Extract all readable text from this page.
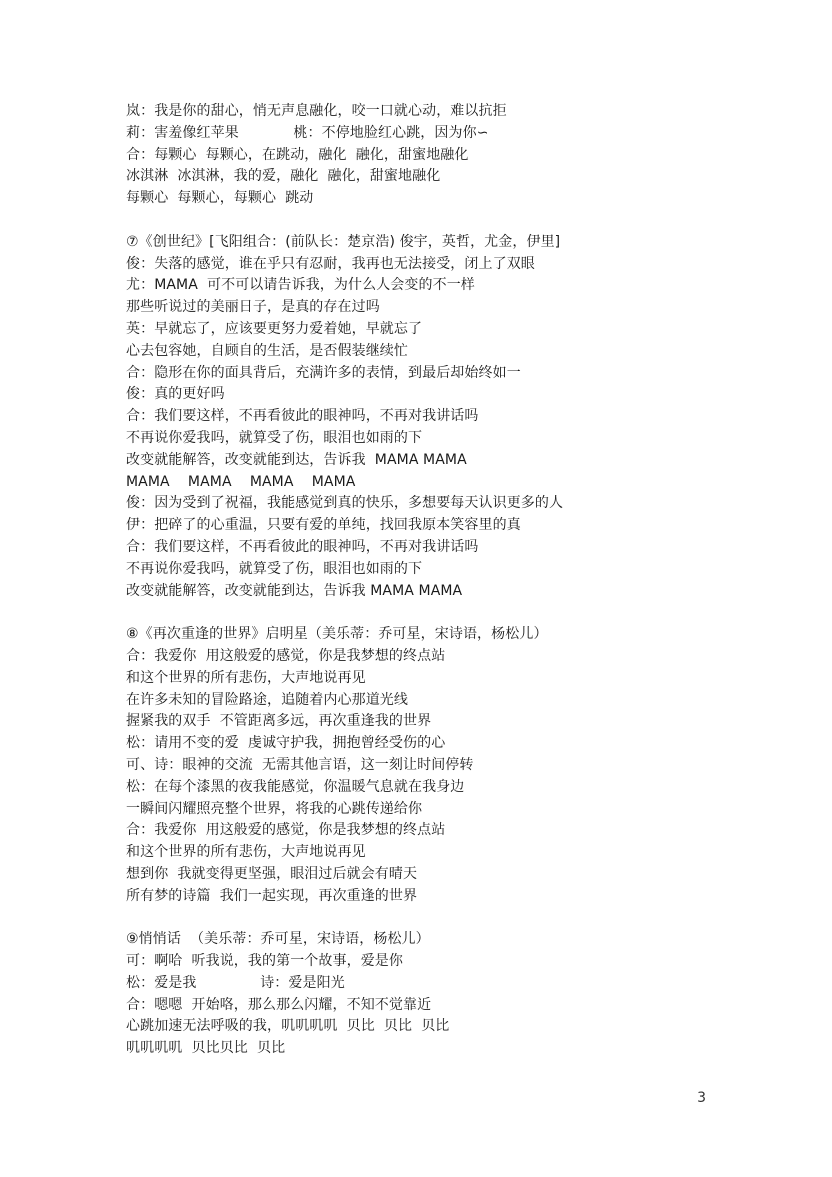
岚：我是你的甜心，悄无声息融化，咬一口就心动，难以抗拒
莉：害羞像红苹果            桃：不停地脸红心跳，因为你∽
合：每颗心  每颗心，在跳动，融化  融化，甜蜜地融化
冰淇淋  冰淇淋，我的爱，融化  融化，甜蜜地融化
每颗心  每颗心，每颗心  跳动
⑦《创世纪》[飞阳组合：(前队长：楚京浩) 俊宇，英哲，尤金，伊里]
俊：失落的感觉，谁在乎只有忍耐，我再也无法接受，闭上了双眼
尤：MAMA  可不可以请告诉我，为什么人会变的不一样
那些听说过的美丽日子，是真的存在过吗
英：早就忘了，应该要更努力爱着她，早就忘了
心去包容她，自顾自的生活，是否假装继续忙
合：隐形在你的面具背后，充满许多的表情，到最后却始终如一
俊：真的更好吗
合：我们要这样，不再看彼此的眼神吗，不再对我讲话吗
不再说你爱我吗，就算受了伤，眼泪也如雨的下
改变就能解答，改变就能到达，告诉我  MAMA MAMA
MAMA    MAMA    MAMA    MAMA
俊：因为受到了祝福，我能感觉到真的快乐，多想要每天认识更多的人
伊：把碎了的心重温，只要有爱的单纯，找回我原本笑容里的真
合：我们要这样，不再看彼此的眼神吗，不再对我讲话吗
不再说你爱我吗，就算受了伤，眼泪也如雨的下
改变就能解答，改变就能到达，告诉我 MAMA MAMA
⑧《再次重逢的世界》启明星（美乐蒂：乔可星，宋诗语，杨松儿）
合：我爱你  用这般爱的感觉，你是我梦想的终点站
和这个世界的所有悲伤，大声地说再见
在许多未知的冒险路途，追随着内心那道光线
握紧我的双手  不管距离多远，再次重逢我的世界
松：请用不变的爱  虔诚守护我，拥抱曾经受伤的心
可、诗：眼神的交流  无需其他言语，这一刻让时间停转
松：在每个漆黑的夜我能感觉，你温暖气息就在我身边
一瞬间闪耀照亮整个世界，将我的心跳传递给你
合：我爱你  用这般爱的感觉，你是我梦想的终点站
和这个世界的所有悲伤，大声地说再见
想到你  我就变得更坚强，眼泪过后就会有晴天
所有梦的诗篇  我们一起实现，再次重逢的世界
⑨悄悄话  （美乐蒂：乔可星，宋诗语，杨松儿）
可：啊哈  听我说，我的第一个故事，爱是你
松：爱是我              诗：爱是阳光
合：嗯嗯  开始咯，那么那么闪耀，不知不觉靠近
心跳加速无法呼吸的我，叽叽叽叽  贝比  贝比  贝比
叽叽叽叽  贝比贝比  贝比
3
